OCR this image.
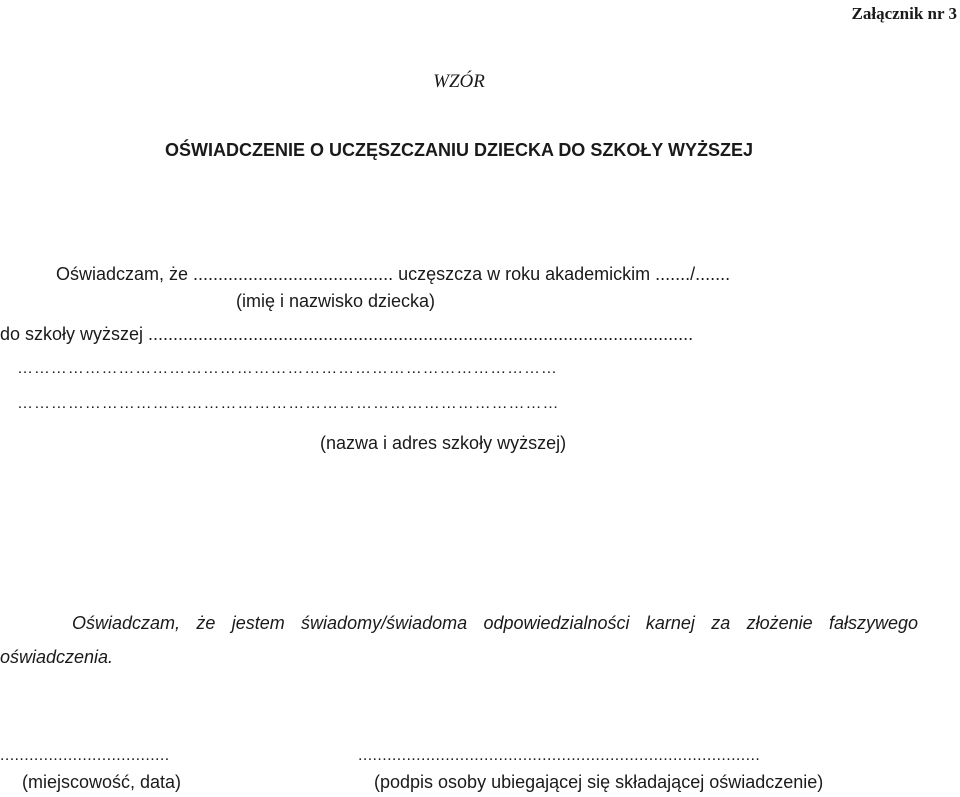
Załącznik nr 3
WZÓR
OŚWIADCZENIE O UCZĘSZCZANIU DZIECKA DO SZKOŁY WYŻSZEJ
Oświadczam, że ........................................ uczęszcza w roku akademickim ......./.......
(imię i nazwisko dziecka)
do szkoły wyższej .............................................................................................................
……………………………………………………………………………………
……………………………………………………………………………………
(nazwa i adres szkoły wyższej)
Oświadczam, że jestem świadomy/świadoma odpowiedzialności karnej za złożenie fałszywego oświadczenia.
...................................	...................................................................................
(miejscowość, data)	(podpis osoby ubiegającej się składającej oświadczenie)
